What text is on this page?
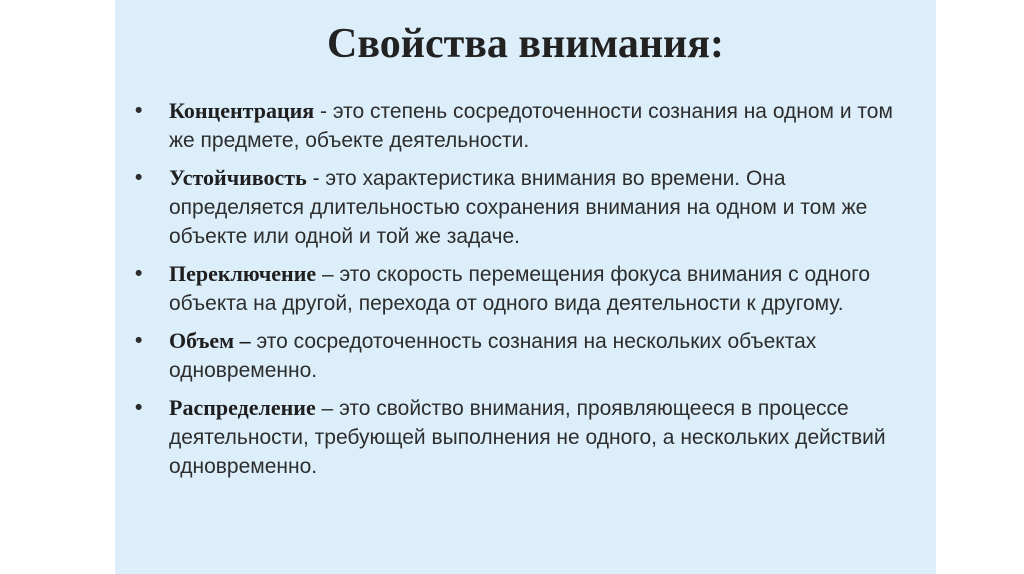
Свойства внимания:
• Концентрация - это степень сосредоточенности сознания на одном и том же предмете, объекте деятельности.
• Устойчивость - это характеристика внимания во времени. Она определяется длительностью сохранения внимания на одном и том же объекте или одной и той же задаче.
• Переключение – это скорость перемещения фокуса внимания с одного объекта на другой, перехода от одного вида деятельности к другому.
• Объем – это сосредоточенность сознания на нескольких объектах одновременно.
• Распределение – это свойство внимания, проявляющееся в процессе деятельности, требующей выполнения не одного, а нескольких действий одновременно.
